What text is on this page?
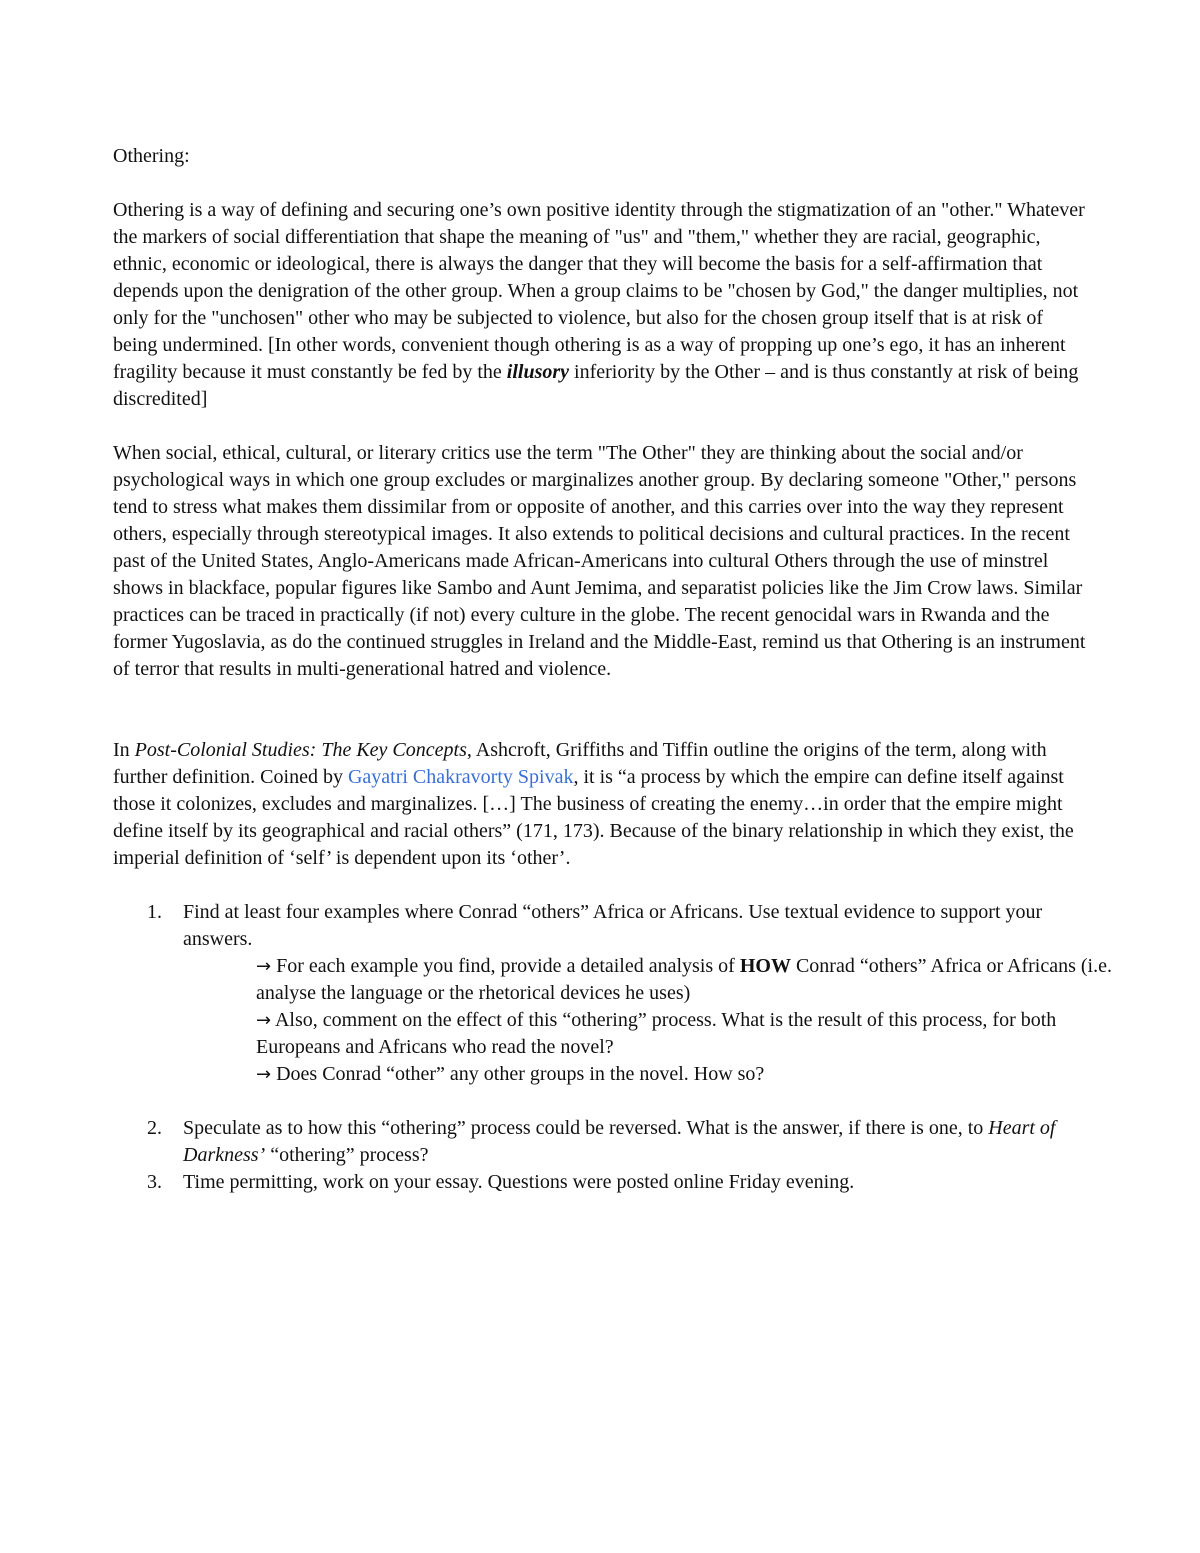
Othering:

Othering is a way of defining and securing one’s own positive identity through the stigmatization of an "other." Whatever the markers of social differentiation that shape the meaning of "us" and "them," whether they are racial, geographic, ethnic, economic or ideological, there is always the danger that they will become the basis for a self-affirmation that depends upon the denigration of the other group. When a group claims to be "chosen by God," the danger multiplies, not only for the "unchosen" other who may be subjected to violence, but also for the chosen group itself that is at risk of being undermined. [In other words, convenient though othering is as a way of propping up one’s ego, it has an inherent fragility because it must constantly be fed by the illusory inferiority by the Other – and is thus constantly at risk of being discredited]

When social, ethical, cultural, or literary critics use the term "The Other" they are thinking about the social and/or psychological ways in which one group excludes or marginalizes another group. By declaring someone "Other," persons tend to stress what makes them dissimilar from or opposite of another, and this carries over into the way they represent others, especially through stereotypical images. It also extends to political decisions and cultural practices. In the recent past of the United States, Anglo-Americans made African-Americans into cultural Others through the use of minstrel shows in blackface, popular figures like Sambo and Aunt Jemima, and separatist policies like the Jim Crow laws. Similar practices can be traced in practically (if not) every culture in the globe. The recent genocidal wars in Rwanda and the former Yugoslavia, as do the continued struggles in Ireland and the Middle-East, remind us that Othering is an instrument of terror that results in multi-generational hatred and violence.

In Post-Colonial Studies: The Key Concepts, Ashcroft, Griffiths and Tiffin outline the origins of the term, along with further definition. Coined by Gayatri Chakravorty Spivak, it is “a process by which the empire can define itself against those it colonizes, excludes and marginalizes. […] The business of creating the enemy…in order that the empire might define itself by its geographical and racial others” (171, 173). Because of the binary relationship in which they exist, the imperial definition of ‘self’ is dependent upon its ‘other’.

1. Find at least four examples where Conrad “others” Africa or Africans. Use textual evidence to support your answers.

→ For each example you find, provide a detailed analysis of HOW Conrad “others” Africa or Africans (i.e. analyse the language or the rhetorical devices he uses)

→ Also, comment on the effect of this “othering” process. What is the result of this process, for both Europeans and Africans who read the novel?

→ Does Conrad “other” any other groups in the novel. How so?

2. Speculate as to how this “othering” process could be reversed. What is the answer, if there is one, to Heart of Darkness’ “othering” process?

3. Time permitting, work on your essay. Questions were posted online Friday evening.
